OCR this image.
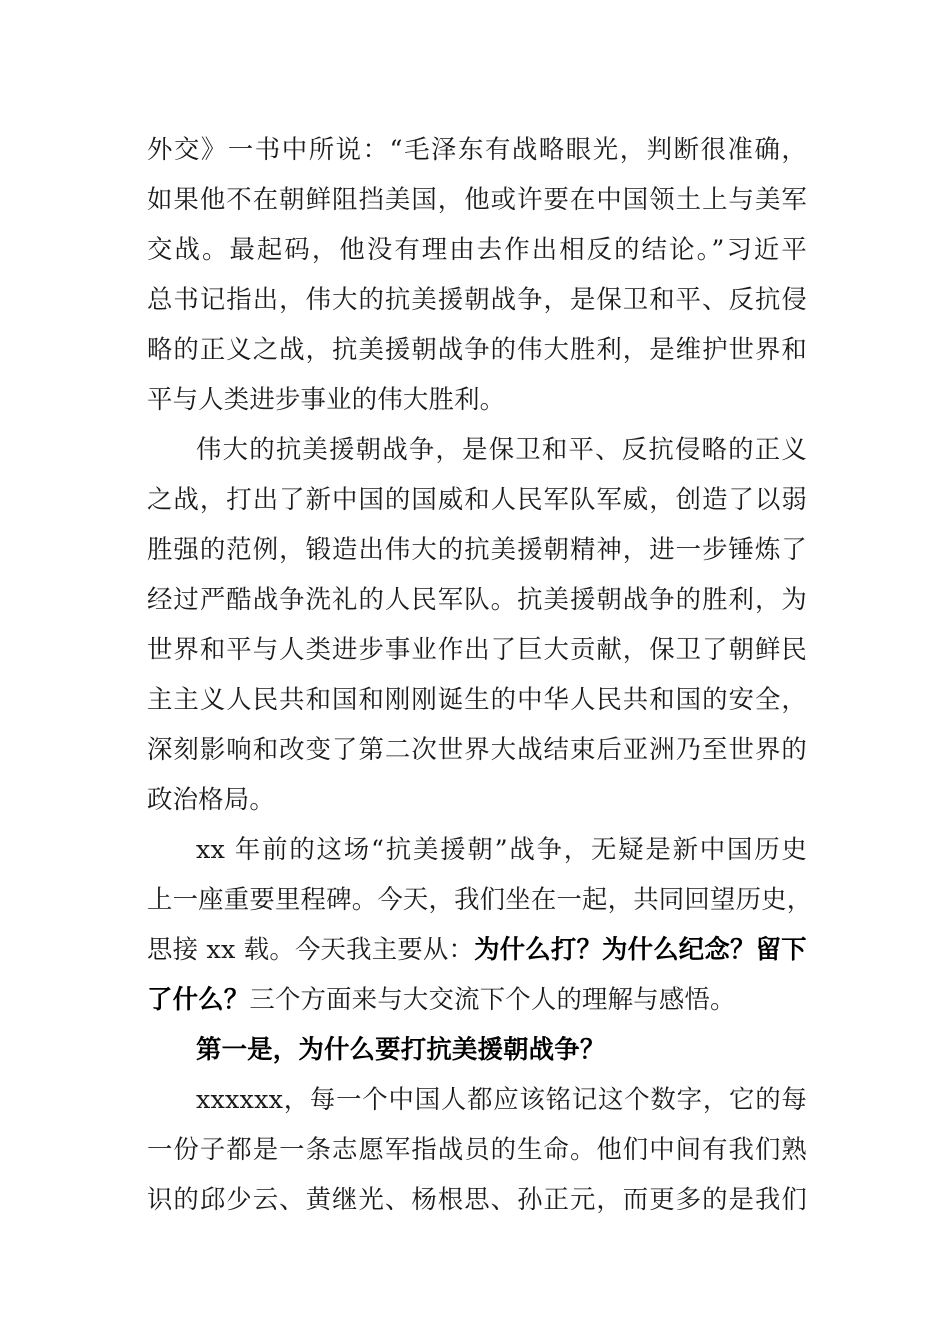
外交》一书中所说：“毛泽东有战略眼光，判断很准确，
如果他不在朝鲜阻挡美国，他或许要在中国领土上与美军
交战。最起码，他没有理由去作出相反的结论。”习近平
总书记指出，伟大的抗美援朝战争，是保卫和平、反抗侵
略的正义之战，抗美援朝战争的伟大胜利，是维护世界和
平与人类进步事业的伟大胜利。
伟大的抗美援朝战争，是保卫和平、反抗侵略的正义
之战，打出了新中国的国威和人民军队军威，创造了以弱
胜强的范例，锻造出伟大的抗美援朝精神，进一步锤炼了
经过严酷战争洗礼的人民军队。抗美援朝战争的胜利，为
世界和平与人类进步事业作出了巨大贡献，保卫了朝鲜民
主主义人民共和国和刚刚诞生的中华人民共和国的安全，
深刻影响和改变了第二次世界大战结束后亚洲乃至世界的
政治格局。
xx 年前的这场“抗美援朝”战争，无疑是新中国历史
上一座重要里程碑。今天，我们坐在一起，共同回望历史，
思接 xx 载。今天我主要从：为什么打？为什么纪念？留下
了什么？三个方面来与大交流下个人的理解与感悟。
第一是，为什么要打抗美援朝战争？
xxxxxx，每一个中国人都应该铭记这个数字，它的每
一份子都是一条志愿军指战员的生命。他们中间有我们熟
识的邱少云、黄继光、杨根思、孙正元，而更多的是我们
